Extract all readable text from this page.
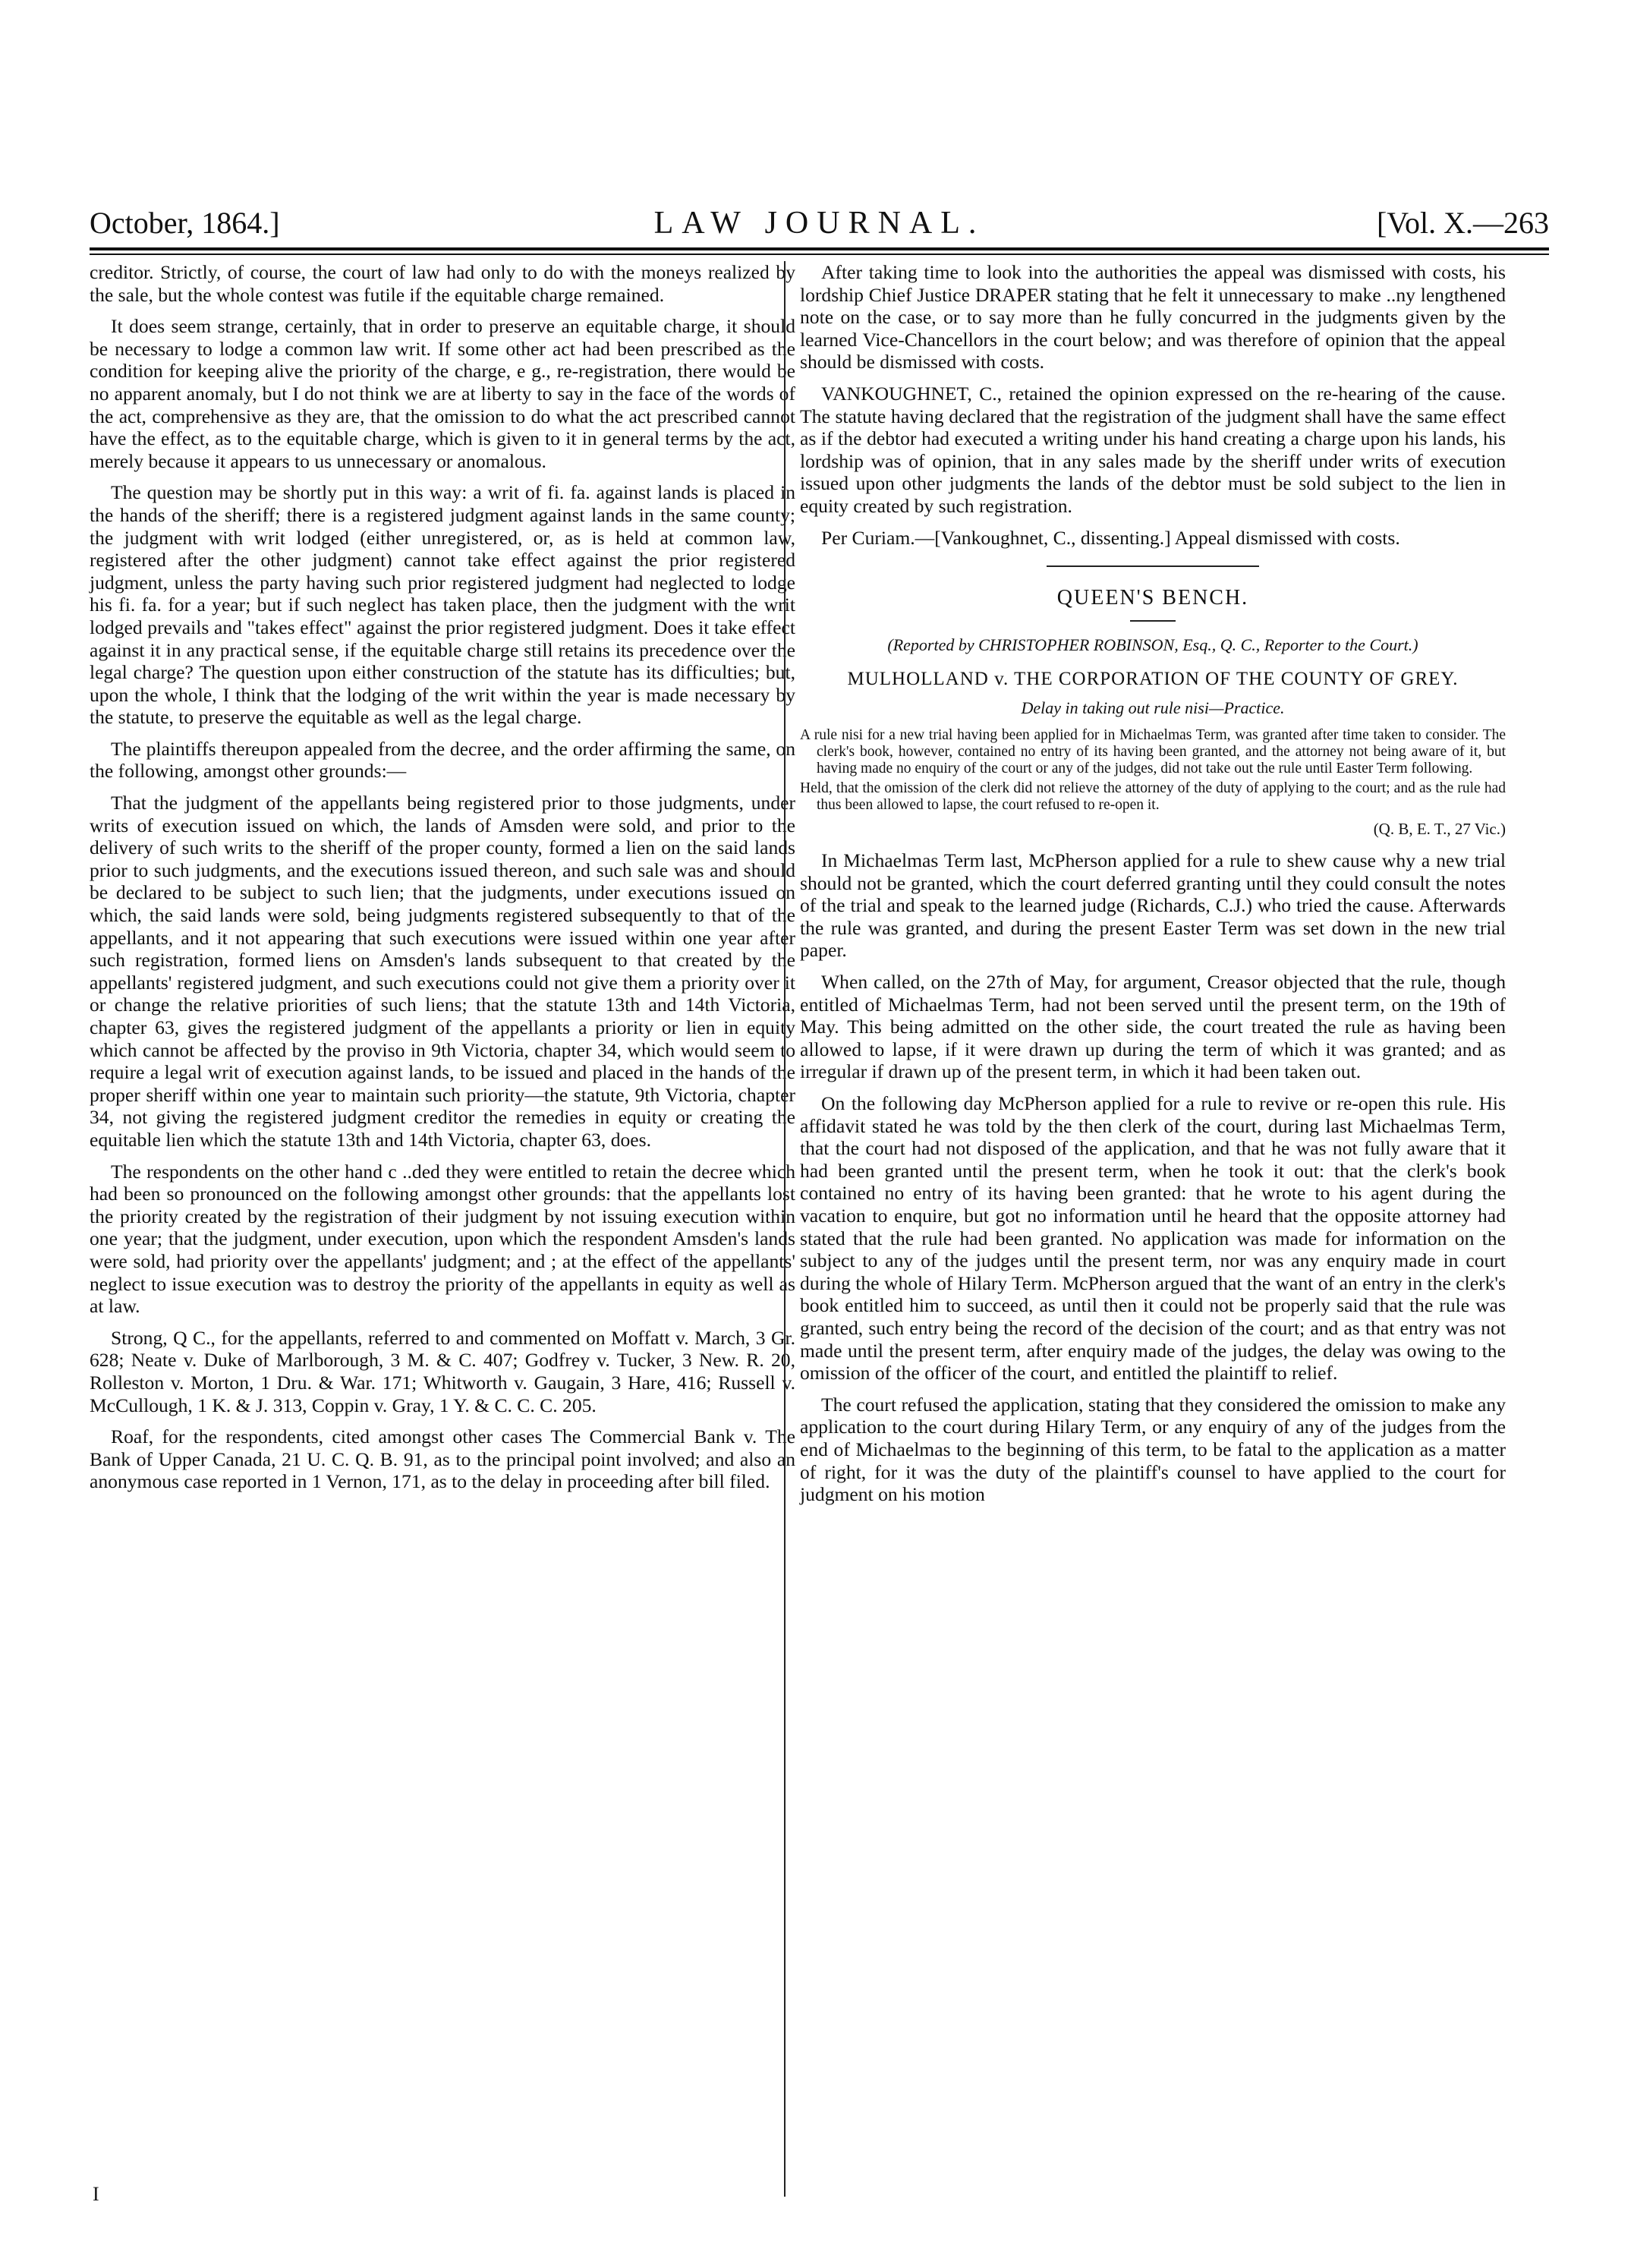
October, 1864.]	LAW JOURNAL.	[Vol. X.—263

creditor. Strictly, of course, the court of law had only to do with the moneys realized by the sale, but the whole contest was futile if the equitable charge remained.

It does seem strange, certainly, that in order to preserve an equitable charge, it should be necessary to lodge a common law writ. If some other act had been prescribed as the condition for keeping alive the priority of the charge, e g., re-registration, there would be no apparent anomaly, but I do not think we are at liberty to say in the face of the words of the act, comprehensive as they are, that the omission to do what the act prescribed cannot have the effect, as to the equitable charge, which is given to it in general terms by the act, merely because it appears to us unnecessary or anomalous.

The question may be shortly put in this way: a writ of fi. fa. against lands is placed in the hands of the sheriff; there is a registered judgment against lands in the same county; the judgment with writ lodged (either unregistered, or, as is held at common law, registered after the other judgment) cannot take effect against the prior registered judgment, unless the party having such prior registered judgment had neglected to lodge his fi. fa. for a year; but if such neglect has taken place, then the judgment with the writ lodged prevails and "takes effect" against the prior registered judgment. Does it take effect against it in any practical sense, if the equitable charge still retains its precedence over the legal charge? The question upon either construction of the statute has its difficulties; but, upon the whole, I think that the lodging of the writ within the year is made necessary by the statute, to preserve the equitable as well as the legal charge.

The plaintiffs thereupon appealed from the decree, and the order affirming the same, on the following, amongst other grounds:—

That the judgment of the appellants being registered prior to those judgments, under writs of execution issued on which, the lands of Amsden were sold, and prior to the delivery of such writs to the sheriff of the proper county, formed a lien on the said lands prior to such judgments, and the executions issued thereon, and such sale was and should be declared to be subject to such lien; that the judgments, under executions issued on which, the said lands were sold, being judgments registered subsequently to that of the appellants, and it not appearing that such executions were issued within one year after such registration, formed liens on Amsden's lands subsequent to that created by the appellants' registered judgment, and such executions could not give them a priority over it or change the relative priorities of such liens; that the statute 13th and 14th Victoria, chapter 63, gives the registered judgment of the appellants a priority or lien in equity which cannot be affected by the proviso in 9th Victoria, chapter 34, which would seem to require a legal writ of execution against lands, to be issued and placed in the hands of the proper sheriff within one year to maintain such priority—the statute, 9th Victoria, chapter 34, not giving the registered judgment creditor the remedies in equity or creating the equitable lien which the statute 13th and 14th Victoria, chapter 63, does.

The respondents on the other hand c ..ded they were entitled to retain the decree which had been so pronounced on the following amongst other grounds: that the appellants lost the priority created by the registration of their judgment by not issuing execution within one year; that the judgment, under execution, upon which the respondent Amsden's lands were sold, had priority over the appellants' judgment; and ; at the effect of the appellants' neglect to issue execution was to destroy the priority of the appellants in equity as well as at law.

Strong, Q C., for the appellants, referred to and commented on Moffatt v. March, 3 Gr. 628; Neate v. Duke of Marlborough, 3 M. & C. 407; Godfrey v. Tucker, 3 New. R. 20, Rolleston v. Morton, 1 Dru. & War. 171; Whitworth v. Gaugain, 3 Hare, 416; Russell v. McCullough, 1 K. & J. 313, Coppin v. Gray, 1 Y. & C. C. C. 205.

Roaf, for the respondents, cited amongst other cases The Commercial Bank v. The Bank of Upper Canada, 21 U. C. Q. B. 91, as to the principal point involved; and also an anonymous case reported in 1 Vernon, 171, as to the delay in proceeding after bill filed.

After taking time to look into the authorities the appeal was dismissed with costs, his lordship Chief Justice DRAPER stating that he felt it unnecessary to make ..ny lengthened note on the case, or to say more than he fully concurred in the judgments given by the learned Vice-Chancellors in the court below; and was therefore of opinion that the appeal should be dismissed with costs.

VANKOUGHNET, C., retained the opinion expressed on the re-hearing of the cause. The statute having declared that the registration of the judgment shall have the same effect as if the debtor had executed a writing under his hand creating a charge upon his lands, his lordship was of opinion, that in any sales made by the sheriff under writs of execution issued upon other judgments the lands of the debtor must be sold subject to the lien in equity created by such registration.

Per Curiam.—[Vankoughnet, C., dissenting.] Appeal dismissed with costs.

QUEEN'S BENCH.
(Reported by CHRISTOPHER ROBINSON, Esq., Q. C., Reporter to the Court.)
MULHOLLAND v. THE CORPORATION OF THE COUNTY OF GREY.
Delay in taking out rule nisi—Practice.

A rule nisi for a new trial having been applied for in Michaelmas Term, was granted after time taken to consider. The clerk's book, however, contained no entry of its having been granted, and the attorney not being aware of it, but having made no enquiry of the court or any of the judges, did not take out the rule until Easter Term following.

Held, that the omission of the clerk did not relieve the attorney of the duty of applying to the court; and as the rule had thus been allowed to lapse, the court refused to re-open it.

(Q. B, E. T., 27 Vic.)

In Michaelmas Term last, McPherson applied for a rule to shew cause why a new trial should not be granted, which the court deferred granting until they could consult the notes of the trial and speak to the learned judge (Richards, C.J.) who tried the cause. Afterwards the rule was granted, and during the present Easter Term was set down in the new trial paper.

When called, on the 27th of May, for argument, Creasor objected that the rule, though entitled of Michaelmas Term, had not been served until the present term, on the 19th of May. This being admitted on the other side, the court treated the rule as having been allowed to lapse, if it were drawn up during the term of which it was granted; and as irregular if drawn up of the present term, in which it had been taken out.

On the following day McPherson applied for a rule to revive or re-open this rule. His affidavit stated he was told by the then clerk of the court, during last Michaelmas Term, that the court had not disposed of the application, and that he was not fully aware that it had been granted until the present term, when he took it out: that the clerk's book contained no entry of its having been granted: that he wrote to his agent during the vacation to enquire, but got no information until he heard that the opposite attorney had stated that the rule had been granted. No application was made for information on the subject to any of the judges until the present term, nor was any enquiry made in court during the whole of Hilary Term. McPherson argued that the want of an entry in the clerk's book entitled him to succeed, as until then it could not be properly said that the rule was granted, such entry being the record of the decision of the court; and as that entry was not made until the present term, after enquiry made of the judges, the delay was owing to the omission of the officer of the court, and entitled the plaintiff to relief.

The court refused the application, stating that they considered the omission to make any application to the court during Hilary Term, or any enquiry of any of the judges from the end of Michaelmas to the beginning of this term, to be fatal to the application as a matter of right, for it was the duty of the plaintiff's counsel to have applied to the court for judgment on his motion

I
